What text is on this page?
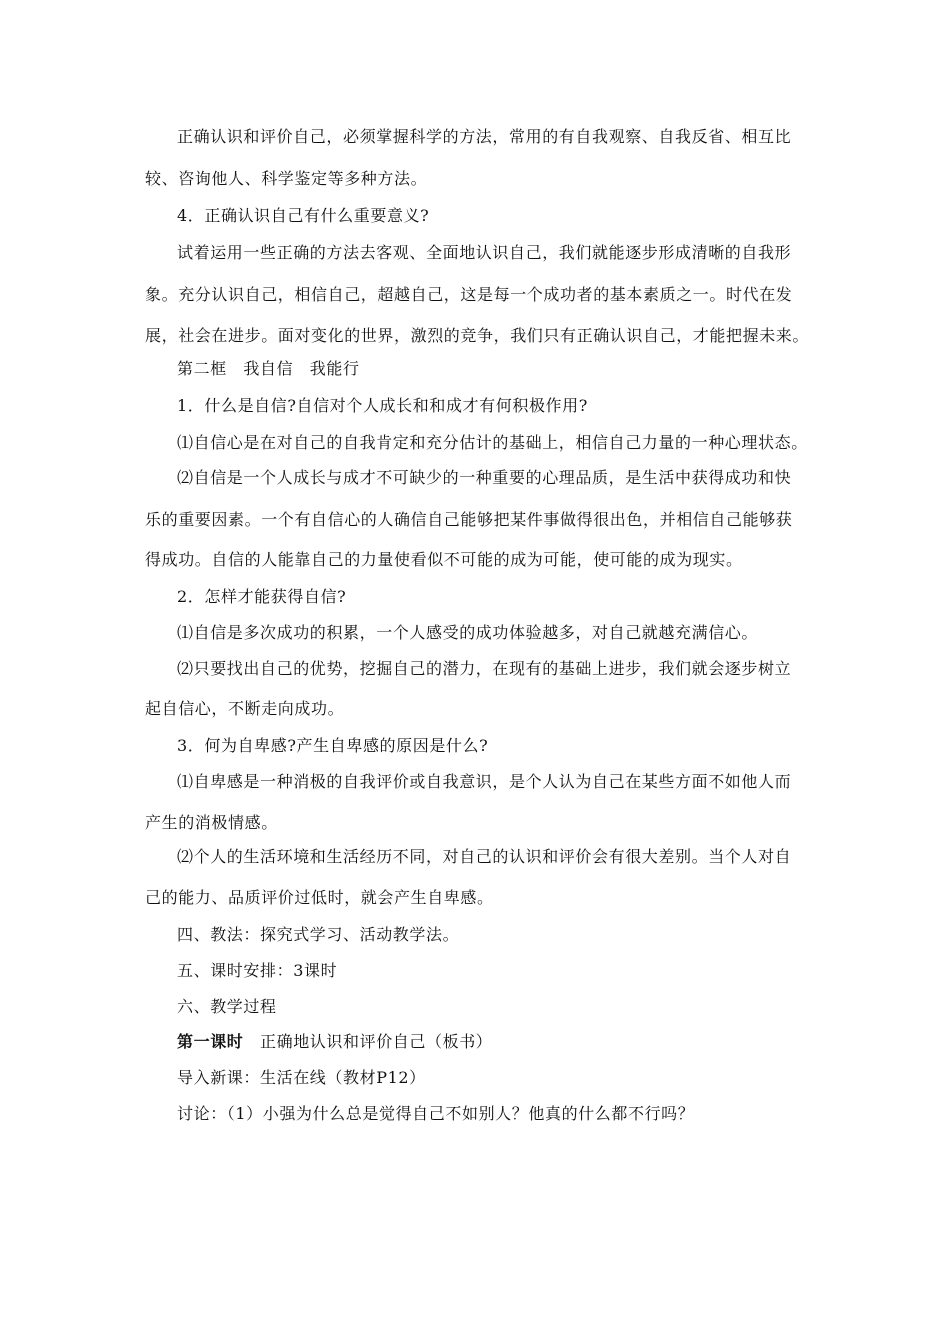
正确认识和评价自己，必须掌握科学的方法，常用的有自我观察、自我反省、相互比
较、咨询他人、科学鉴定等多种方法。
4．正确认识自己有什么重要意义?
试着运用一些正确的方法去客观、全面地认识自己，我们就能逐步形成清晰的自我形
象。充分认识自己，相信自己，超越自己，这是每一个成功者的基本素质之一。时代在发
展，社会在进步。面对变化的世界，激烈的竞争，我们只有正确认识自己，才能把握未来。
第二框　我自信　我能行
1．什么是自信?自信对个人成长和和成才有何积极作用?
⑴自信心是在对自己的自我肯定和充分估计的基础上，相信自己力量的一种心理状态。
⑵自信是一个人成长与成才不可缺少的一种重要的心理品质，是生活中获得成功和快
乐的重要因素。一个有自信心的人确信自己能够把某件事做得很出色，并相信自己能够获
得成功。自信的人能靠自己的力量使看似不可能的成为可能，使可能的成为现实。
2．怎样才能获得自信?
⑴自信是多次成功的积累，一个人感受的成功体验越多，对自己就越充满信心。
⑵只要找出自己的优势，挖掘自己的潜力，在现有的基础上进步，我们就会逐步树立
起自信心，不断走向成功。
3．何为自卑感?产生自卑感的原因是什么?
⑴自卑感是一种消极的自我评价或自我意识，是个人认为自己在某些方面不如他人而
产生的消极情感。
⑵个人的生活环境和生活经历不同，对自己的认识和评价会有很大差别。当个人对自
己的能力、品质评价过低时，就会产生自卑感。
四、教法：探究式学习、活动教学法。
五、课时安排：3课时
六、教学过程
第一课时　正确地认识和评价自己（板书）
导入新课：生活在线（教材P12）
讨论：（1）小强为什么总是觉得自己不如别人？他真的什么都不行吗？
